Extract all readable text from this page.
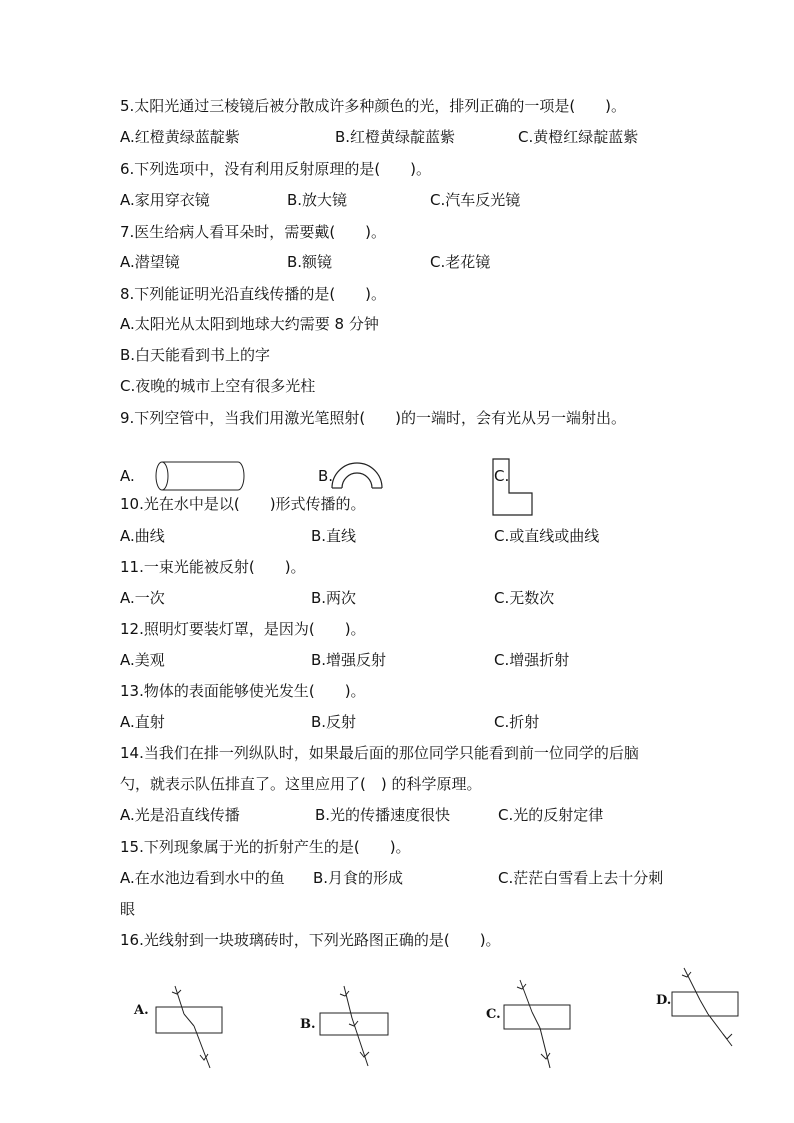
5.太阳光通过三棱镜后被分散成许多种颜色的光，排列正确的一项是(　　)。
A.红橙黄绿蓝靛紫	B.红橙黄绿靛蓝紫	C.黄橙红绿靛蓝紫
6.下列选项中，没有利用反射原理的是(　　)。
A.家用穿衣镜	B.放大镜	C.汽车反光镜
7.医生给病人看耳朵时，需要戴(　　)。
A.潜望镜	B.额镜	C.老花镜
8.下列能证明光沿直线传播的是(　　)。
A.太阳光从太阳到地球大约需要 8 分钟
B.白天能看到书上的字
C.夜晚的城市上空有很多光柱
9.下列空管中，当我们用激光笔照射(　　)的一端时，会有光从另一端射出。
A.	B.	C.
10.光在水中是以(　　)形式传播的。
A.曲线	B.直线	C.或直线或曲线
11.一束光能被反射(　　)。
A.一次	B.两次	C.无数次
12.照明灯要装灯罩，是因为(　　)。
A.美观	B.增强反射	C.增强折射
13.物体的表面能够使光发生(　　)。
A.直射	B.反射	C.折射
14.当我们在排一列纵队时，如果最后面的那位同学只能看到前一位同学的后脑
勺，就表示队伍排直了。这里应用了(　) 的科学原理。
A.光是沿直线传播	B.光的传播速度很快	C.光的反射定律
15.下列现象属于光的折射产生的是(　　)。
A.在水池边看到水中的鱼 B.月食的形成	C.茫茫白雪看上去十分刺
眼
16.光线射到一块玻璃砖时，下列光路图正确的是(　　)。
A.
B.
C.
D.
